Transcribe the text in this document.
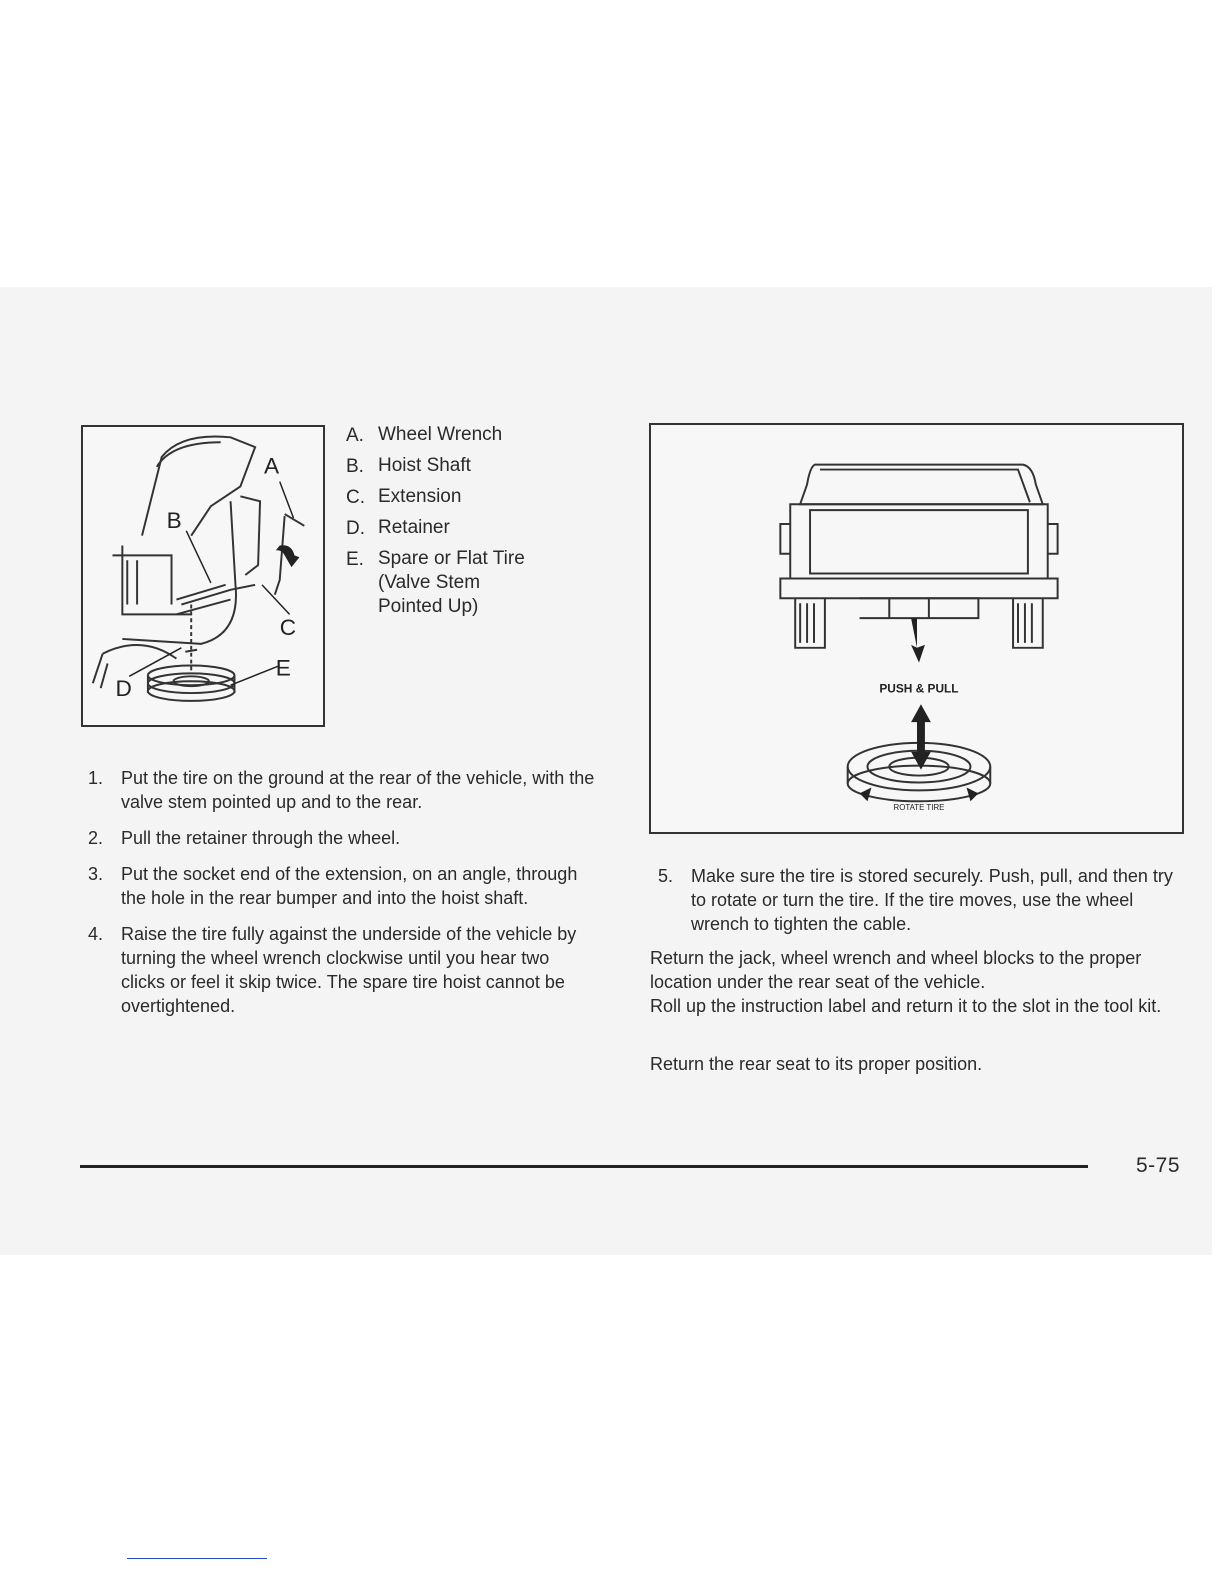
A
B
C
D
E
A. Wheel Wrench
B. Hoist Shaft
C. Extension
D. Retainer
E. Spare or Flat Tire (Valve Stem Pointed Up)
PUSH & PULL
ROTATE TIRE
1. Put the tire on the ground at the rear of the vehicle, with the valve stem pointed up and to the rear.
2. Pull the retainer through the wheel.
3. Put the socket end of the extension, on an angle, through the hole in the rear bumper and into the hoist shaft.
4. Raise the tire fully against the underside of the vehicle by turning the wheel wrench clockwise until you hear two clicks or feel it skip twice. The spare tire hoist cannot be overtightened.
5. Make sure the tire is stored securely. Push, pull, and then try to rotate or turn the tire. If the tire moves, use the wheel wrench to tighten the cable.
Return the jack, wheel wrench and wheel blocks to the proper location under the rear seat of the vehicle.
Roll up the instruction label and return it to the slot in the tool kit.
Return the rear seat to its proper position.
5-75
